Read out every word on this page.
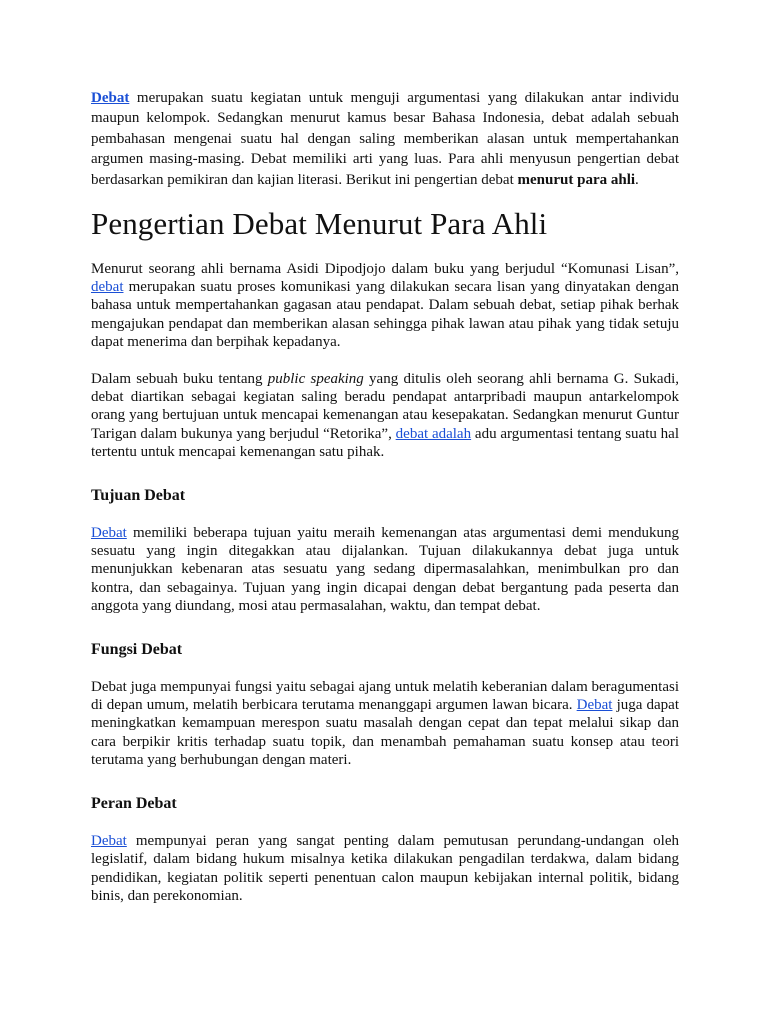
Debat merupakan suatu kegiatan untuk menguji argumentasi yang dilakukan antar individu maupun kelompok. Sedangkan menurut kamus besar Bahasa Indonesia, debat adalah sebuah pembahasan mengenai suatu hal dengan saling memberikan alasan untuk mempertahankan argumen masing-masing. Debat memiliki arti yang luas. Para ahli menyusun pengertian debat berdasarkan pemikiran dan kajian literasi. Berikut ini pengertian debat menurut para ahli.

Pengertian Debat Menurut Para Ahli

Menurut seorang ahli bernama Asidi Dipodjojo dalam buku yang berjudul “Komunasi Lisan”, debat merupakan suatu proses komunikasi yang dilakukan secara lisan yang dinyatakan dengan bahasa untuk mempertahankan gagasan atau pendapat. Dalam sebuah debat, setiap pihak berhak mengajukan pendapat dan memberikan alasan sehingga pihak lawan atau pihak yang tidak setuju dapat menerima dan berpihak kepadanya.

Dalam sebuah buku tentang public speaking yang ditulis oleh seorang ahli bernama G. Sukadi, debat diartikan sebagai kegiatan saling beradu pendapat antarpribadi maupun antarkelompok orang yang bertujuan untuk mencapai kemenangan atau kesepakatan. Sedangkan menurut Guntur Tarigan dalam bukunya yang berjudul “Retorika”, debat adalah adu argumentasi tentang suatu hal tertentu untuk mencapai kemenangan satu pihak.

Tujuan Debat

Debat memiliki beberapa tujuan yaitu meraih kemenangan atas argumentasi demi mendukung sesuatu yang ingin ditegakkan atau dijalankan. Tujuan dilakukannya debat juga untuk menunjukkan kebenaran atas sesuatu yang sedang dipermasalahkan, menimbulkan pro dan kontra, dan sebagainya. Tujuan yang ingin dicapai dengan debat bergantung pada peserta dan anggota yang diundang, mosi atau permasalahan, waktu, dan tempat debat.

Fungsi Debat

Debat juga mempunyai fungsi yaitu sebagai ajang untuk melatih keberanian dalam beragumentasi di depan umum, melatih berbicara terutama menanggapi argumen lawan bicara. Debat juga dapat meningkatkan kemampuan merespon suatu masalah dengan cepat dan tepat melalui sikap dan cara berpikir kritis terhadap suatu topik, dan menambah pemahaman suatu konsep atau teori terutama yang berhubungan dengan materi.

Peran Debat

Debat mempunyai peran yang sangat penting dalam pemutusan perundang-undangan oleh legislatif, dalam bidang hukum misalnya ketika dilakukan pengadilan terdakwa, dalam bidang pendidikan, kegiatan politik seperti penentuan calon maupun kebijakan internal politik, bidang binis, dan perekonomian.
